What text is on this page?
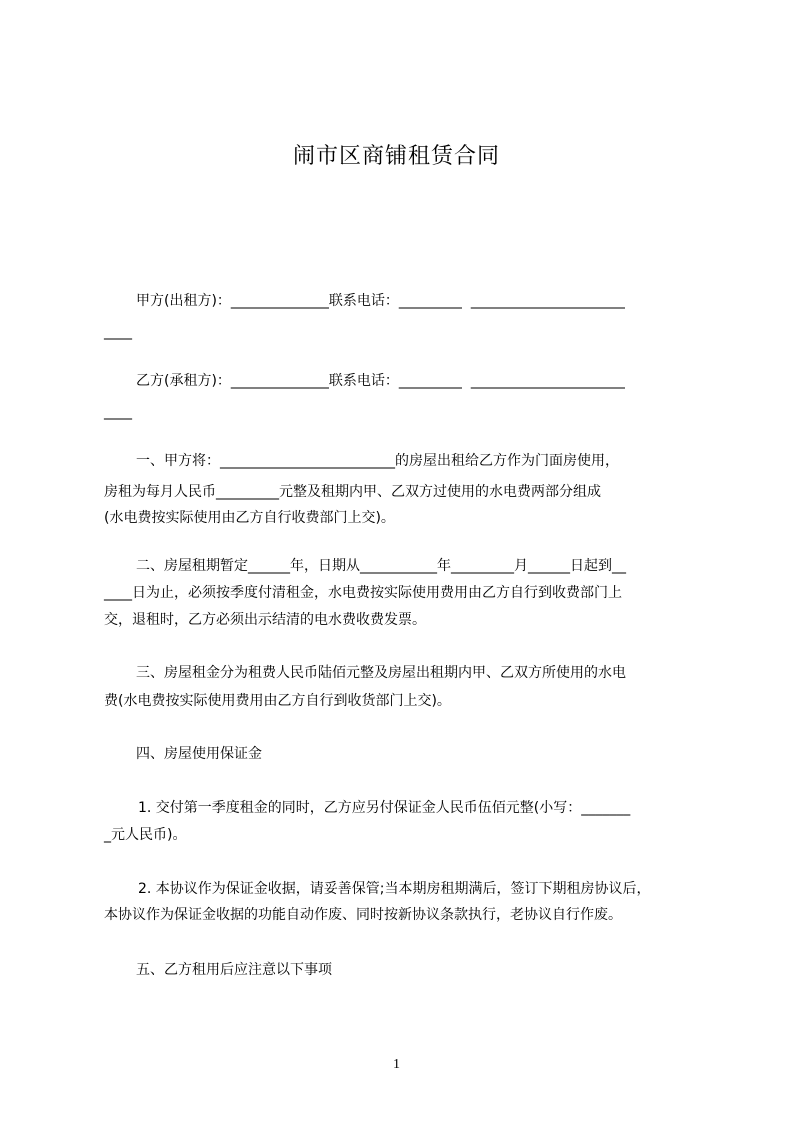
闹市区商铺租赁合同
甲方(出租方)：______________联系电话：_________  ______________________
____
乙方(承租方)：______________联系电话：_________  ______________________
____
一、甲方将：_________________________的房屋出租给乙方作为门面房使用，
房租为每月人民币_________元整及租期内甲、乙双方过使用的水电费两部分组成
(水电费按实际使用由乙方自行收费部门上交)。
二、房屋租期暂定______年，日期从___________年_________月______日起到__
____日为止，必须按季度付清租金，水电费按实际使用费用由乙方自行到收费部门上
交，退租时，乙方必须出示结清的电水费收费发票。
三、房屋租金分为租费人民币陆佰元整及房屋出租期内甲、乙双方所使用的水电
费(水电费按实际使用费用由乙方自行到收货部门上交)。
四、房屋使用保证金
1. 交付第一季度租金的同时，乙方应另付保证金人民币伍佰元整(小写：_______
_元人民币)。
2. 本协议作为保证金收据，请妥善保管;当本期房租期满后，签订下期租房协议后，
本协议作为保证金收据的功能自动作废、同时按新协议条款执行，老协议自行作废。
五、乙方租用后应注意以下事项
1
